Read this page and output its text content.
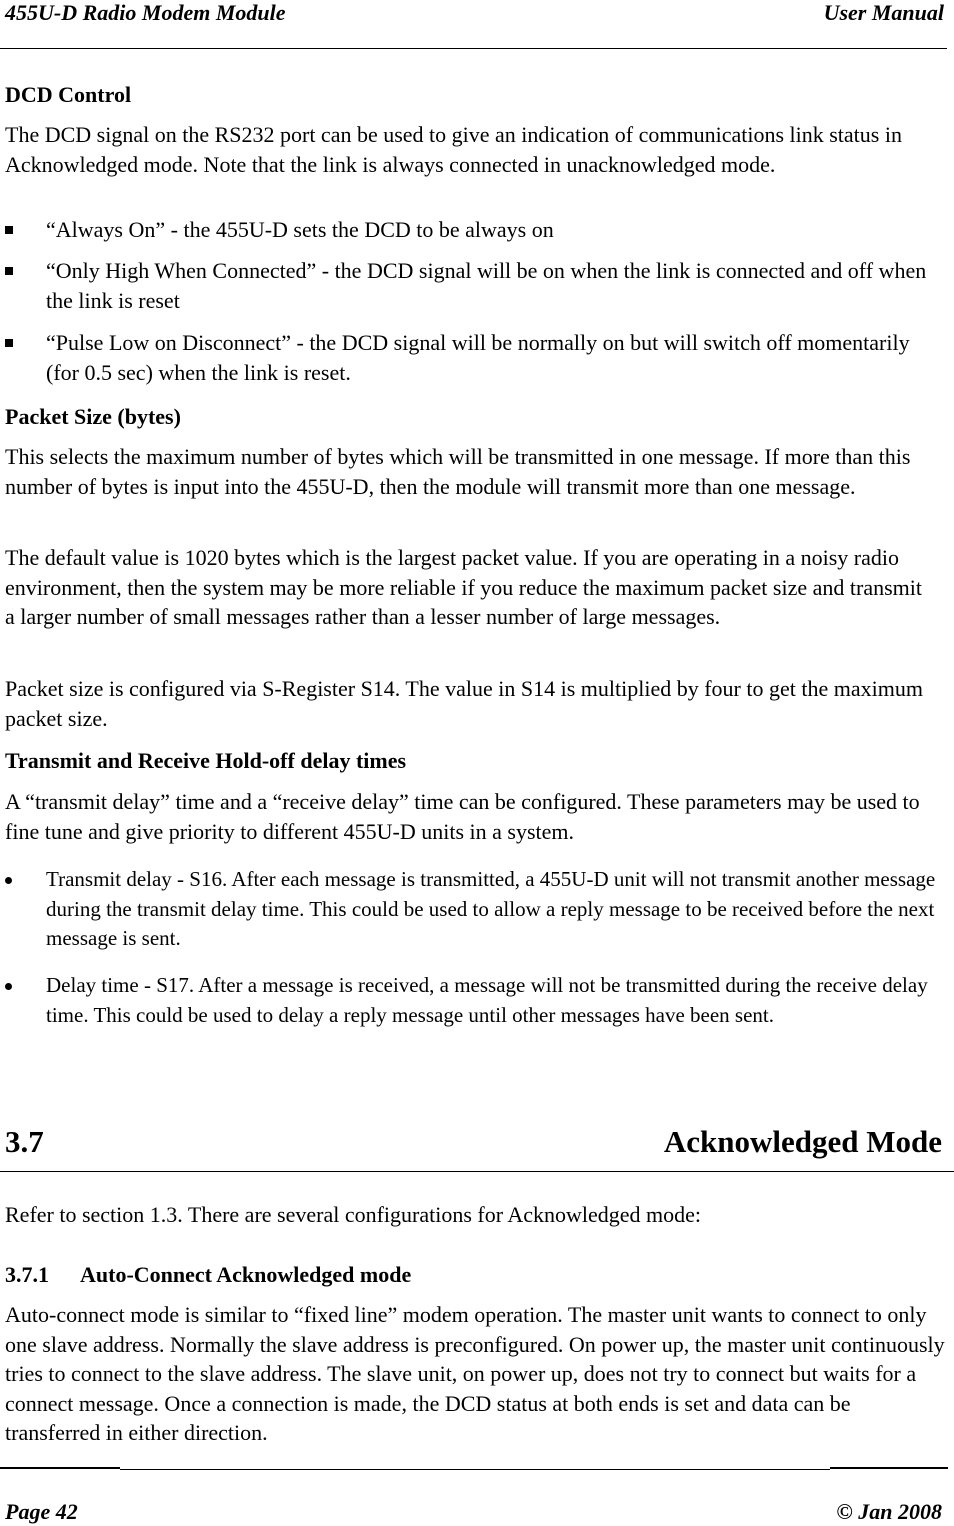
455U-D Radio Modem Module	User Manual
DCD Control

The DCD signal on the RS232 port can be used to give an indication of communications link status in Acknowledged mode. Note that the link is always connected in unacknowledged mode.

“Always On” - the 455U-D sets the DCD to be always on

“Only High When Connected” - the DCD signal will be on when the link is connected and off when the link is reset

“Pulse Low on Disconnect” - the DCD signal will be normally on but will switch off momentarily (for 0.5 sec) when the link is reset.

Packet Size (bytes)

This selects the maximum number of bytes which will be transmitted in one message. If more than this number of bytes is input into the 455U-D, then the module will transmit more than one message.

The default value is 1020 bytes which is the largest packet value. If you are operating in a noisy radio environment, then the system may be more reliable if you reduce the maximum packet size and transmit a larger number of small messages rather than a lesser number of large messages.

Packet size is configured via S-Register S14. The value in S14 is multiplied by four to get the maximum packet size.

Transmit and Receive Hold-off delay times

A “transmit delay” time and a “receive delay” time can be configured. These parameters may be used to fine tune and give priority to different 455U-D units in a system.

Transmit delay - S16. After each message is transmitted, a 455U-D unit will not transmit another message during the transmit delay time. This could be used to allow a reply message to be received before the next message is sent.

Delay time - S17. After a message is received, a message will not be transmitted during the receive delay time. This could be used to delay a reply message until other messages have been sent.

3.7	Acknowledged Mode

Refer to section 1.3. There are several configurations for Acknowledged mode:

3.7.1 Auto-Connect Acknowledged mode

Auto-connect mode is similar to “fixed line” modem operation. The master unit wants to connect to only one slave address. Normally the slave address is preconfigured. On power up, the master unit continuously tries to connect to the slave address. The slave unit, on power up, does not try to connect but waits for a connect message. Once a connection is made, the DCD status at both ends is set and data can be transferred in either direction.

Page 42	© Jan 2008
